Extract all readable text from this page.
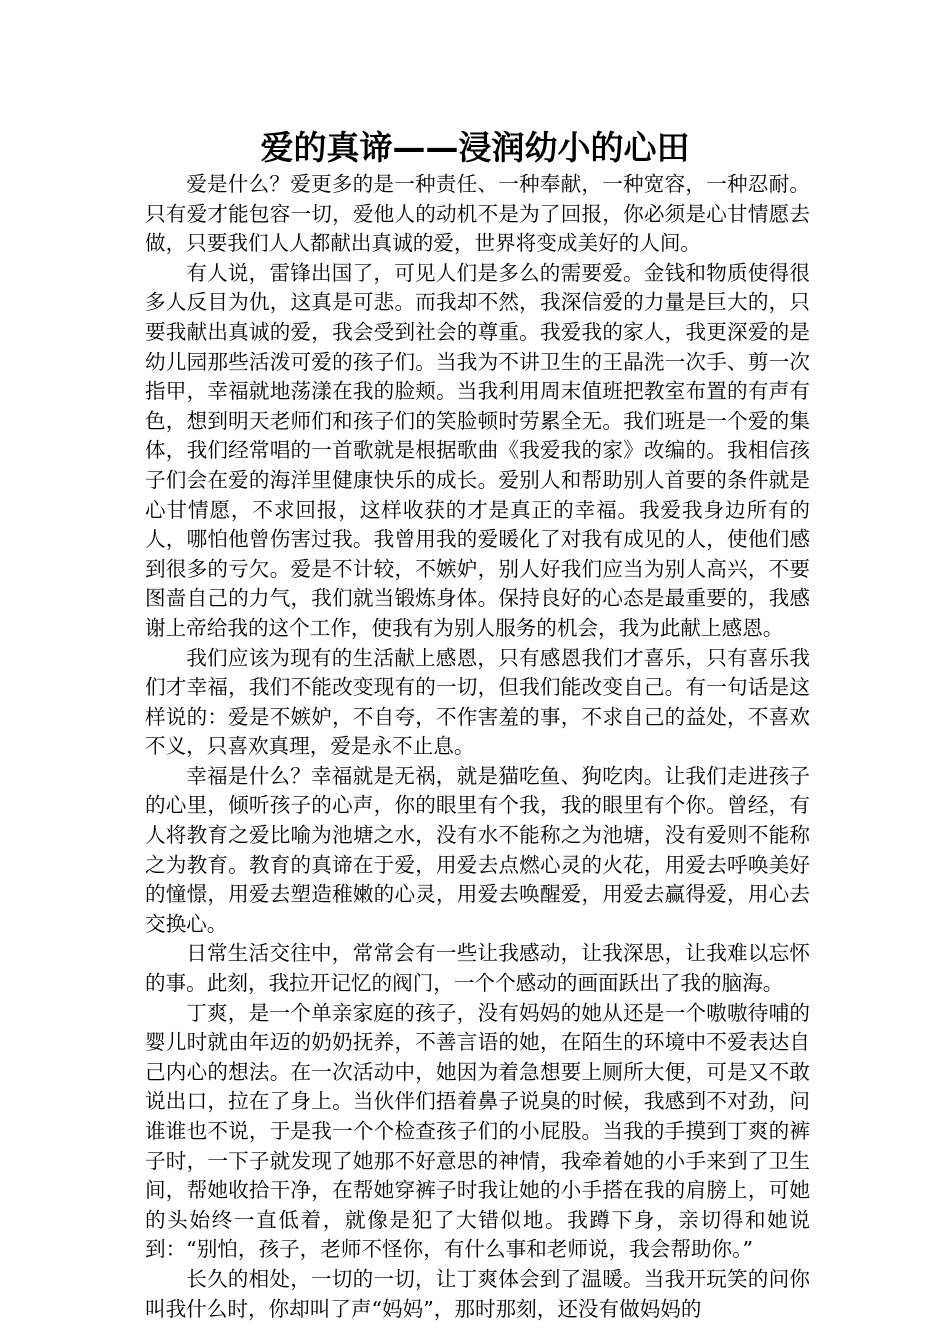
爱的真谛——浸润幼小的心田

爱是什么？爱更多的是一种责任、一种奉献，一种宽容，一种忍耐。只有爱才能包容一切，爱他人的动机不是为了回报，你必须是心甘情愿去做，只要我们人人都献出真诚的爱，世界将变成美好的人间。

有人说，雷锋出国了，可见人们是多么的需要爱。金钱和物质使得很多人反目为仇，这真是可悲。而我却不然，我深信爱的力量是巨大的，只要我献出真诚的爱，我会受到社会的尊重。我爱我的家人，我更深爱的是幼儿园那些活泼可爱的孩子们。当我为不讲卫生的王晶洗一次手、剪一次指甲，幸福就地荡漾在我的脸颊。当我利用周末值班把教室布置的有声有色，想到明天老师们和孩子们的笑脸顿时劳累全无。我们班是一个爱的集体，我们经常唱的一首歌就是根据歌曲《我爱我的家》改编的。我相信孩子们会在爱的海洋里健康快乐的成长。爱别人和帮助别人首要的条件就是心甘情愿，不求回报，这样收获的才是真正的幸福。我爱我身边所有的人，哪怕他曾伤害过我。我曾用我的爱暖化了对我有成见的人，使他们感到很多的亏欠。爱是不计较，不嫉妒，别人好我们应当为别人高兴，不要图啬自己的力气，我们就当锻炼身体。保持良好的心态是最重要的，我感谢上帝给我的这个工作，使我有为别人服务的机会，我为此献上感恩。

我们应该为现有的生活献上感恩，只有感恩我们才喜乐，只有喜乐我们才幸福，我们不能改变现有的一切，但我们能改变自己。有一句话是这样说的：爱是不嫉妒，不自夸，不作害羞的事，不求自己的益处，不喜欢不义，只喜欢真理，爱是永不止息。

幸福是什么？幸福就是无祸，就是猫吃鱼、狗吃肉。让我们走进孩子的心里，倾听孩子的心声，你的眼里有个我，我的眼里有个你。曾经，有人将教育之爱比喻为池塘之水，没有水不能称之为池塘，没有爱则不能称之为教育。教育的真谛在于爱，用爱去点燃心灵的火花，用爱去呼唤美好的憧憬，用爱去塑造稚嫩的心灵，用爱去唤醒爱，用爱去赢得爱，用心去交换心。

日常生活交往中，常常会有一些让我感动，让我深思，让我难以忘怀的事。此刻，我拉开记忆的阀门，一个个感动的画面跃出了我的脑海。

丁爽，是一个单亲家庭的孩子，没有妈妈的她从还是一个嗷嗷待哺的婴儿时就由年迈的奶奶抚养，不善言语的她，在陌生的环境中不爱表达自己内心的想法。在一次活动中，她因为着急想要上厕所大便，可是又不敢说出口，拉在了身上。当伙伴们捂着鼻子说臭的时候，我感到不对劲，问谁谁也不说，于是我一个个检查孩子们的小屁股。当我的手摸到丁爽的裤子时，一下子就发现了她那不好意思的神情，我牵着她的小手来到了卫生间，帮她收拾干净，在帮她穿裤子时我让她的小手搭在我的肩膀上，可她的头始终一直低着，就像是犯了大错似地。我蹲下身，亲切得和她说到：“别怕，孩子，老师不怪你，有什么事和老师说，我会帮助你。”

长久的相处，一切的一切，让丁爽体会到了温暖。当我开玩笑的问你叫我什么时，你却叫了声“妈妈”，那时那刻，还没有做妈妈的
